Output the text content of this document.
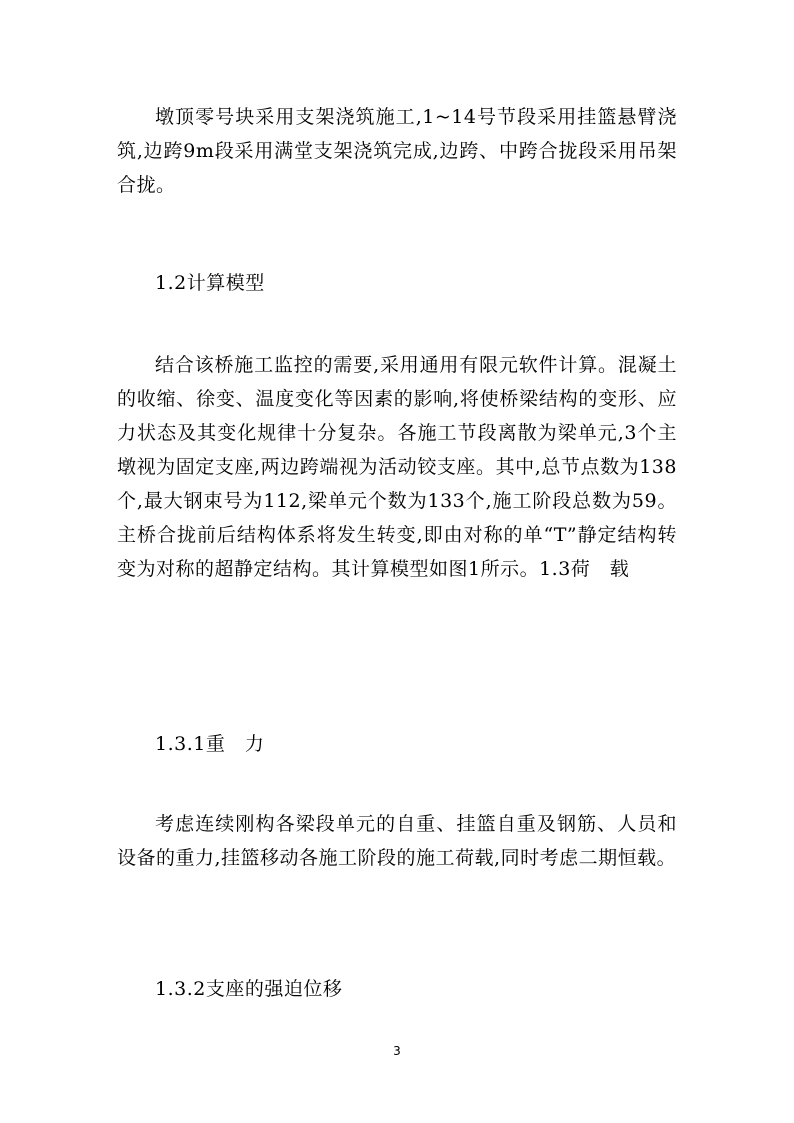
墩顶零号块采用支架浇筑施工,1~14号节段采用挂篮悬臂浇筑,边跨9m段采用满堂支架浇筑完成,边跨、中跨合拢段采用吊架合拢。

1.2计算模型

结合该桥施工监控的需要,采用通用有限元软件计算。混凝土的收缩、徐变、温度变化等因素的影响,将使桥梁结构的变形、应力状态及其变化规律十分复杂。各施工节段离散为梁单元,3个主墩视为固定支座,两边跨端视为活动铰支座。其中,总节点数为138个,最大钢束号为112,梁单元个数为133个,施工阶段总数为59。主桥合拢前后结构体系将发生转变,即由对称的单“T”静定结构转变为对称的超静定结构。其计算模型如图1所示。1.3荷　载

1.3.1重　力

考虑连续刚构各梁段单元的自重、挂篮自重及钢筋、人员和设备的重力,挂篮移动各施工阶段的施工荷载,同时考虑二期恒载。

1.3.2支座的强迫位移
3
